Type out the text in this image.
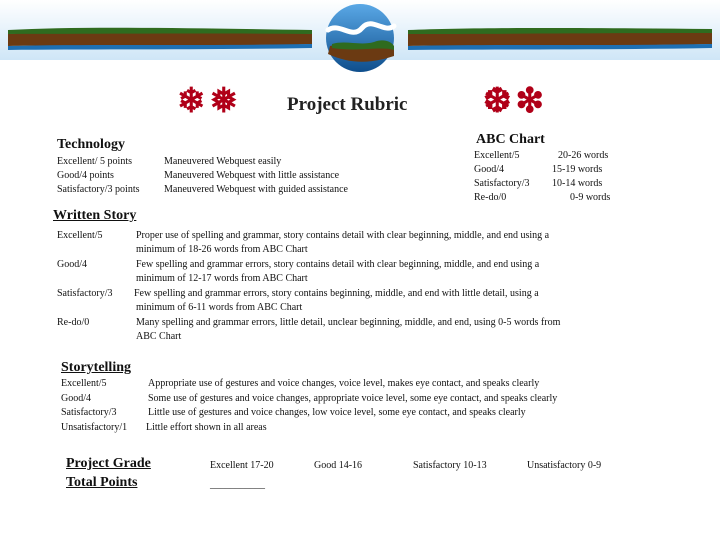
❄❅ Project Rubric ❆❇
Technology
Excellent/ 5 points	Maneuvered Webquest easily
Good/4 points	Maneuvered Webquest with little assistance
Satisfactory/3 points Maneuvered Webquest with guided assistance
ABC Chart
Excellent/5	20-26 words
Good/4	15-19 words
Satisfactory/3 10-14 words
Re-do/0	0-9 words
Written Story
Excellent/5	Proper use of spelling and grammar, story contains detail with clear beginning, middle, and end using a
minimum of 18-26 words from ABC Chart
Good/4	Few spelling and grammar errors, story contains detail with clear beginning, middle, and end using a
minimum of 12-17 words from ABC Chart
Satisfactory/3 Few spelling and grammar errors, story contains beginning, middle, and end with little detail, using a
minimum of 6-11 words from ABC Chart
Re-do/0	Many spelling and grammar errors, little detail, unclear beginning, middle, and end, using 0-5 words from
ABC Chart
Storytelling
Excellent/5	Appropriate use of gestures and voice changes, voice level, makes eye contact, and speaks clearly
Good/4	Some use of gestures and voice changes, appropriate voice level, some eye contact, and speaks clearly
Satisfactory/3	Little use of gestures and voice changes, low voice level, some eye contact, and speaks clearly
Unsatisfactory/1 Little effort shown in all areas
Project Grade
Total Points
Excellent 17-20	Good 14-16	Satisfactory 10-13	Unsatisfactory 0-9
___________
